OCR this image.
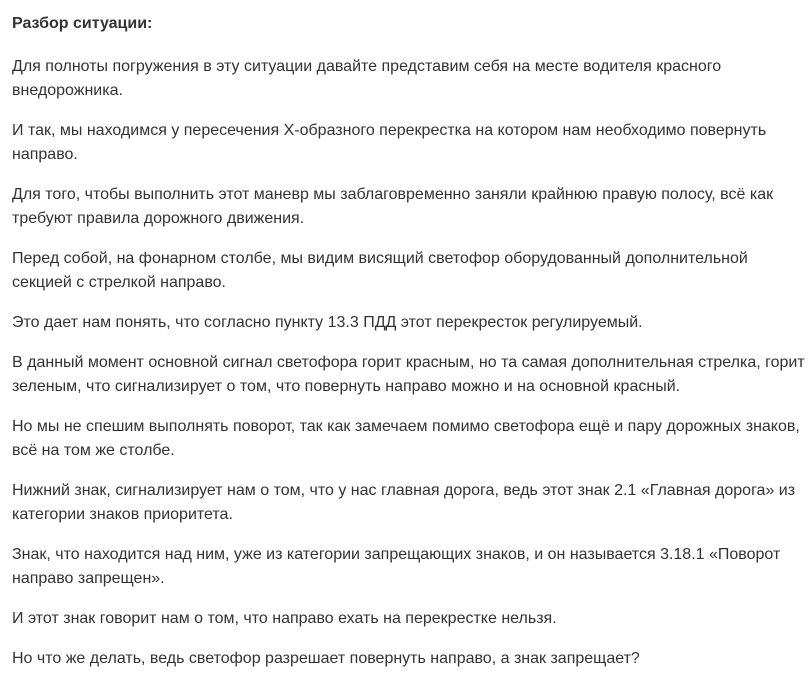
Разбор ситуации:

Для полноты погружения в эту ситуации давайте представим себя на месте водителя красного внедорожника.

И так, мы находимся у пересечения Х-образного перекрестка на котором нам необходимо повернуть направо.

Для того, чтобы выполнить этот маневр мы заблаговременно заняли крайнюю правую полосу, всё как требуют правила дорожного движения.

Перед собой, на фонарном столбе, мы видим висящий светофор оборудованный дополнительной секцией с стрелкой направо.

Это дает нам понять, что согласно пункту 13.3 ПДД этот перекресток регулируемый.

В данный момент основной сигнал светофора горит красным, но та самая дополнительная стрелка, горит зеленым, что сигнализирует о том, что повернуть направо можно и на основной красный.

Но мы не спешим выполнять поворот, так как замечаем помимо светофора ещё и пару дорожных знаков, всё на том же столбе.

Нижний знак, сигнализирует нам о том, что у нас главная дорога, ведь этот знак 2.1 «Главная дорога» из категории знаков приоритета.

Знак, что находится над ним, уже из категории запрещающих знаков, и он называется 3.18.1 «Поворот направо запрещен».

И этот знак говорит нам о том, что направо ехать на перекрестке нельзя.

Но что же делать, ведь светофор разрешает повернуть направо, а знак запрещает?
